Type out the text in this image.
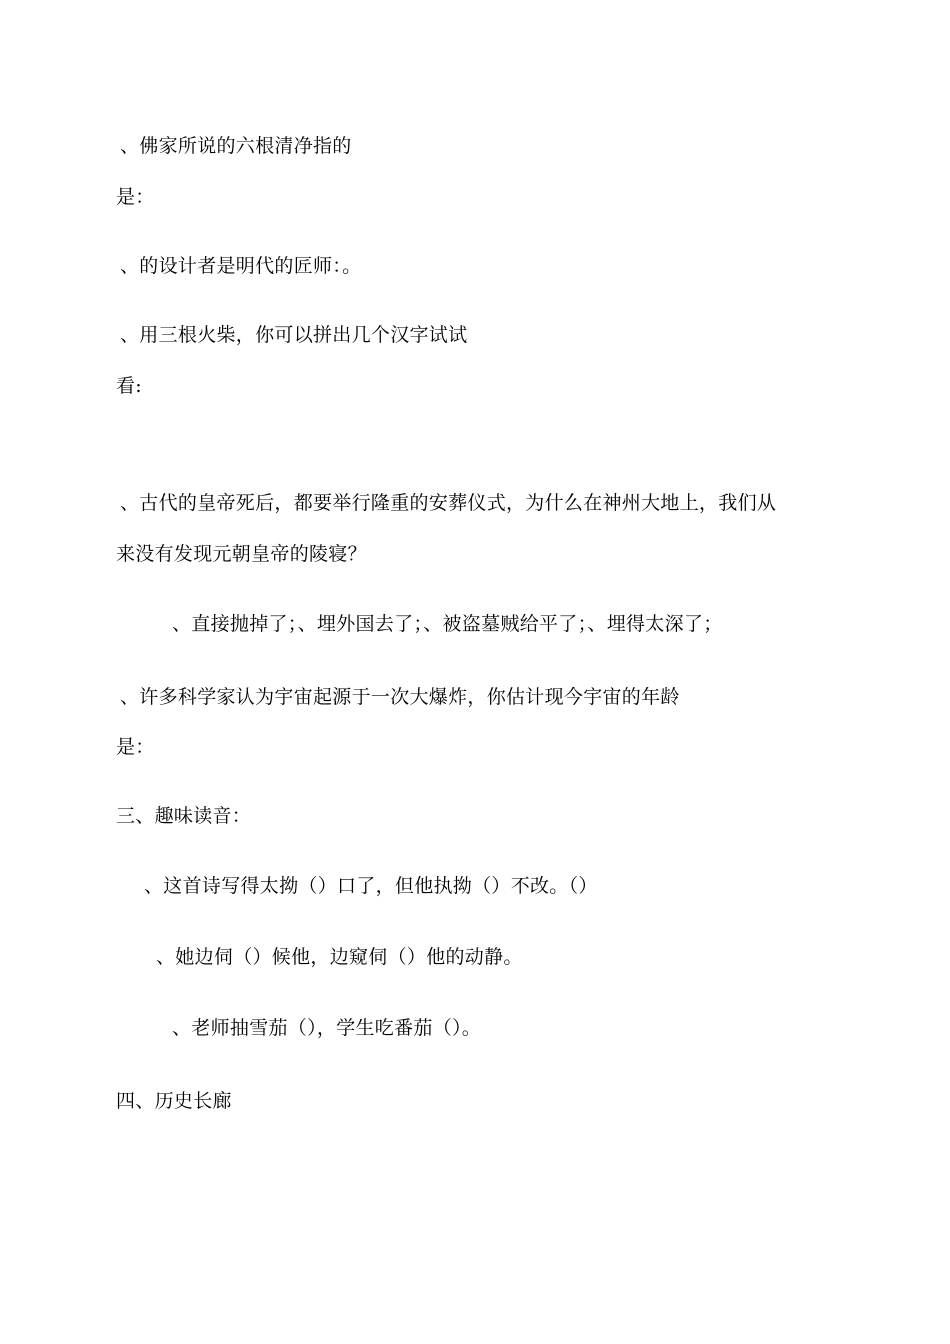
、佛家所说的六根清净指的
是：
、的设计者是明代的匠师：。
、用三根火柴，你可以拼出几个汉字试试
看:
、古代的皇帝死后，都要举行隆重的安葬仪式，为什么在神州大地上，我们从
来没有发现元朝皇帝的陵寝？
、直接抛掉了；、埋外国去了；、被盗墓贼给平了；、埋得太深了；
、许多科学家认为宇宙起源于一次大爆炸，你估计现今宇宙的年龄
是：
三、趣味读音：
、这首诗写得太拗（）口了，但他执拗（）不改。（）
、她边伺（）候他，边窥伺（）他的动静。
、老师抽雪茄（），学生吃番茄（）。
四、历史长廊
